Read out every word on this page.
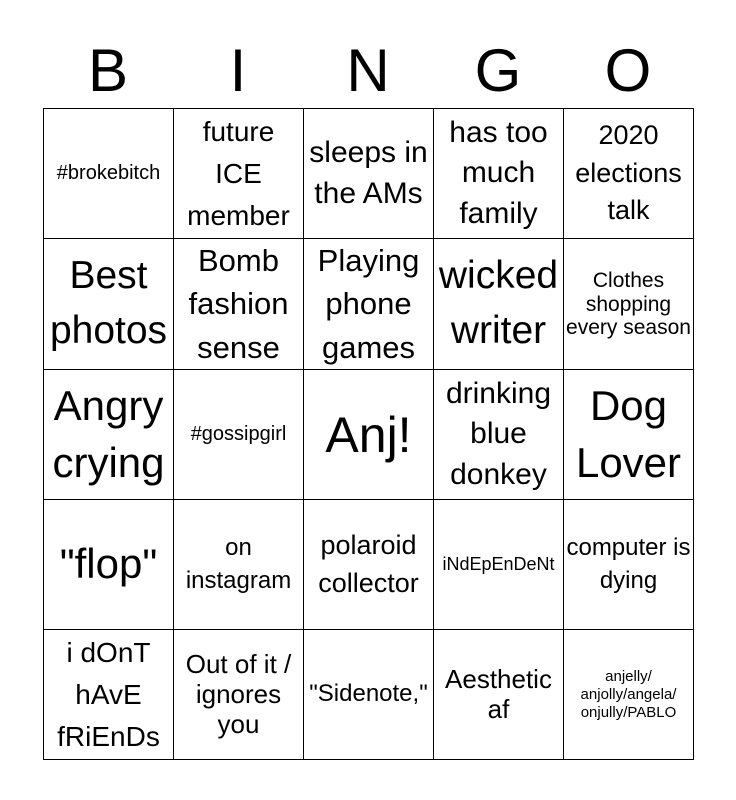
B	I	N	G	O
#brokebitch	future ICE member	sleeps in the AMs	has too much family	2020 elections talk

Best photos	Bomb fashion sense	Playing phone games	wicked writer	Clothes shopping every season

Angry crying	#gossipgirl	Anj!	drinking blue donkey	Dog Lover

"flop"	on instagram	polaroid collector	iNdEpEnDeNt	computer is dying

i dOnT hAvE fRiEnDs	Out of it / ignores you	"Sidenote,"	Aesthetic af	anjelly/ anjolly/angela/ onjully/PABLO
